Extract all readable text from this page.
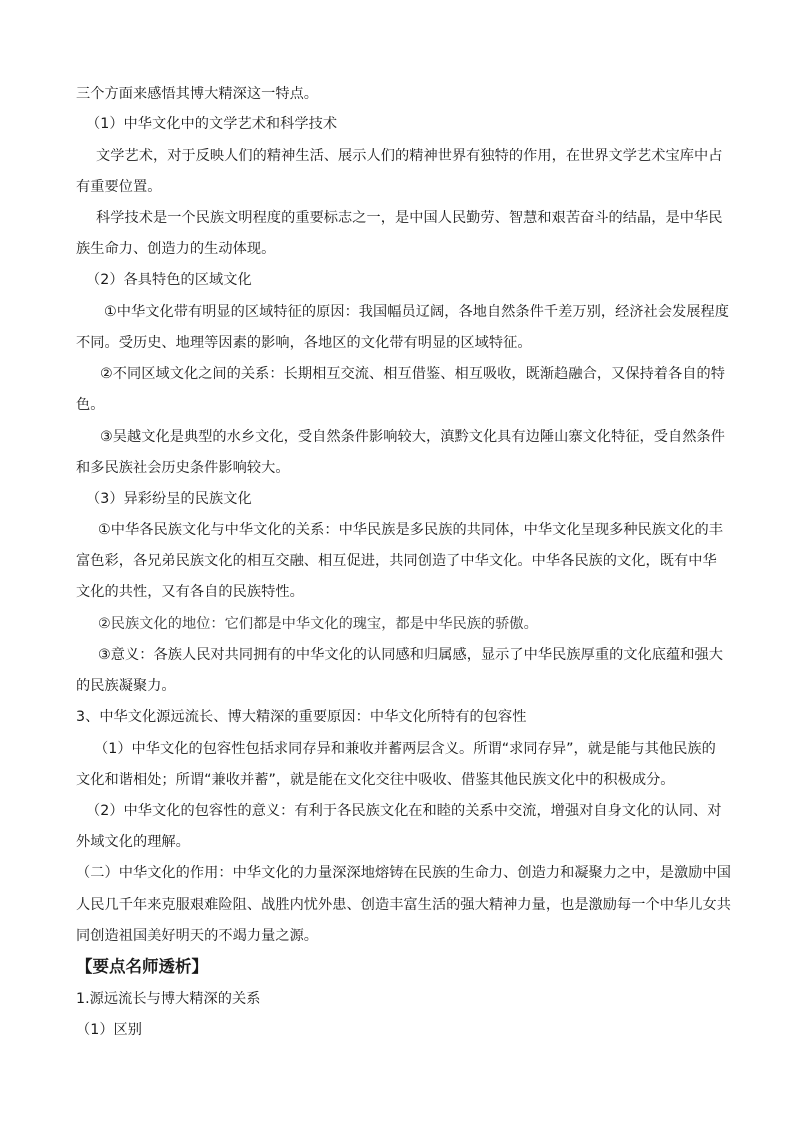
三个方面来感悟其博大精深这一特点。
（1）中华文化中的文学艺术和科学技术
文学艺术，对于反映人们的精神生活、展示人们的精神世界有独特的作用，在世界文学艺术宝库中占
有重要位置。
科学技术是一个民族文明程度的重要标志之一，是中国人民勤劳、智慧和艰苦奋斗的结晶，是中华民
族生命力、创造力的生动体现。
（2）各具特色的区域文化
①中华文化带有明显的区域特征的原因：我国幅员辽阔，各地自然条件千差万别，经济社会发展程度
不同。受历史、地理等因素的影响，各地区的文化带有明显的区域特征。
②不同区域文化之间的关系：长期相互交流、相互借鉴、相互吸收，既渐趋融合，又保持着各自的特
色。
③吴越文化是典型的水乡文化，受自然条件影响较大，滇黔文化具有边陲山寨文化特征，受自然条件
和多民族社会历史条件影响较大。
（3）异彩纷呈的民族文化
①中华各民族文化与中华文化的关系：中华民族是多民族的共同体，中华文化呈现多种民族文化的丰
富色彩，各兄弟民族文化的相互交融、相互促进，共同创造了中华文化。中华各民族的文化，既有中华
文化的共性，又有各自的民族特性。
②民族文化的地位：它们都是中华文化的瑰宝，都是中华民族的骄傲。
③意义：各族人民对共同拥有的中华文化的认同感和归属感，显示了中华民族厚重的文化底蕴和强大
的民族凝聚力。
3、中华文化源远流长、博大精深的重要原因：中华文化所特有的包容性
（1）中华文化的包容性包括求同存异和兼收并蓄两层含义。所谓“求同存异”，就是能与其他民族的
文化和谐相处；所谓“兼收并蓄”，就是能在文化交往中吸收、借鉴其他民族文化中的积极成分。
（2）中华文化的包容性的意义：有利于各民族文化在和睦的关系中交流，增强对自身文化的认同、对
外域文化的理解。
（二）中华文化的作用：中华文化的力量深深地熔铸在民族的生命力、创造力和凝聚力之中，是激励中国
人民几千年来克服艰难险阻、战胜内忧外患、创造丰富生活的强大精神力量，也是激励每一个中华儿女共
同创造祖国美好明天的不竭力量之源。
【要点名师透析】
1.源远流长与博大精深的关系
（1）区别
